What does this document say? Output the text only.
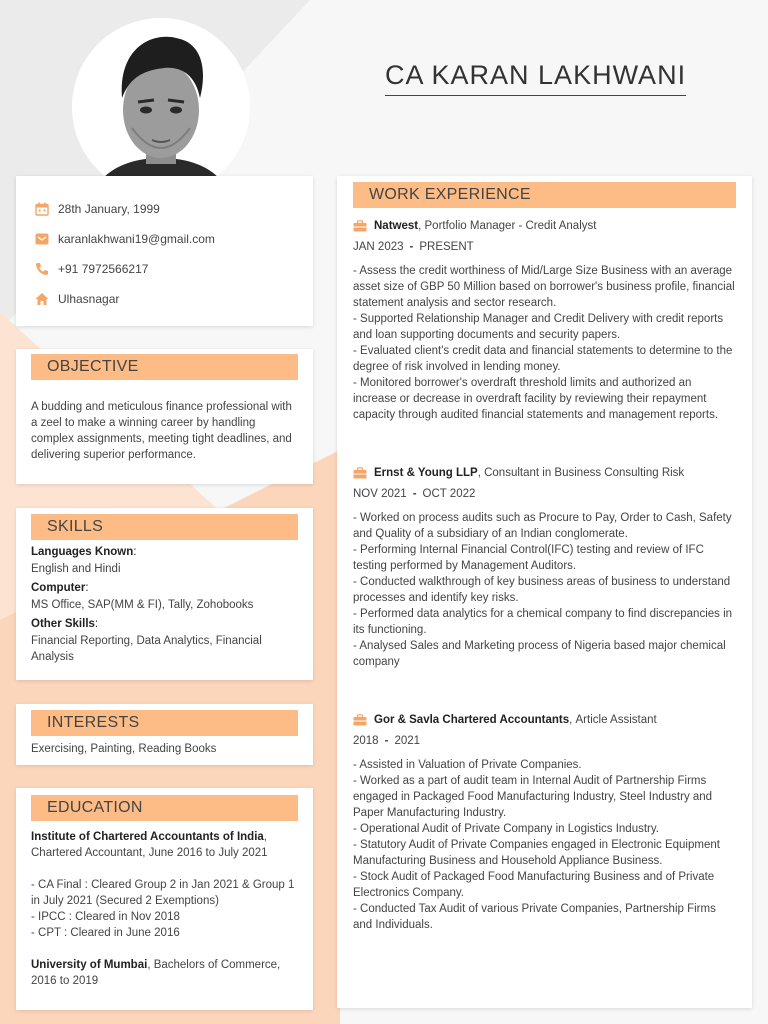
CA KARAN LAKHWANI
28th January, 1999
karanlakhwani19@gmail.com
+91 7972566217
Ulhasnagar
OBJECTIVE
A budding and meticulous finance professional with a zeel to make a winning career by handling complex assignments, meeting tight deadlines, and delivering superior performance.
SKILLS
Languages Known:
English and Hindi
Computer:
MS Office, SAP(MM & FI), Tally, Zohobooks
Other Skills:
Financial Reporting, Data Analytics, Financial Analysis
INTERESTS
Exercising, Painting, Reading Books
EDUCATION
Institute of Chartered Accountants of India, Chartered Accountant, June 2016 to July 2021
- CA Final : Cleared Group 2 in Jan 2021 & Group 1 in July 2021 (Secured 2 Exemptions)
- IPCC : Cleared in Nov 2018
- CPT : Cleared in June 2016
University of Mumbai, Bachelors of Commerce, 2016 to 2019
WORK EXPERIENCE
Natwest , Portfolio Manager - Credit Analyst
JAN 2023 - PRESENT
- Assess the credit worthiness of Mid/Large Size Business with an average asset size of GBP 50 Million based on borrower's business profile, financial statement analysis and sector research.
- Supported Relationship Manager and Credit Delivery with credit reports and loan supporting documents and security papers.
- Evaluated client's credit data and financial statements to determine to the degree of risk involved in lending money.
- Monitored borrower's overdraft threshold limits and authorized an increase or decrease in overdraft facility by reviewing their repayment capacity through audited financial statements and management reports.
Ernst & Young LLP , Consultant in Business Consulting Risk
NOV 2021 - OCT 2022
- Worked on process audits such as Procure to Pay, Order to Cash, Safety and Quality of a subsidiary of an Indian conglomerate.
- Performing Internal Financial Control(IFC) testing and review of IFC testing performed by Management Auditors.
- Conducted walkthrough of key business areas of business to understand processes and identify key risks.
- Performed data analytics for a chemical company to find discrepancies in its functioning.
- Analysed Sales and Marketing process of Nigeria based major chemical company
Gor & Savla Chartered Accountants , Article Assistant
2018 - 2021
- Assisted in Valuation of Private Companies.
- Worked as a part of audit team in Internal Audit of Partnership Firms engaged in Packaged Food Manufacturing Industry, Steel Industry and Paper Manufacturing Industry.
- Operational Audit of Private Company in Logistics Industry.
- Statutory Audit of Private Companies engaged in Electronic Equipment Manufacturing Business and Household Appliance Business.
- Stock Audit of Packaged Food Manufacturing Business and of Private Electronics Company.
- Conducted Tax Audit of various Private Companies, Partnership Firms and Individuals.
